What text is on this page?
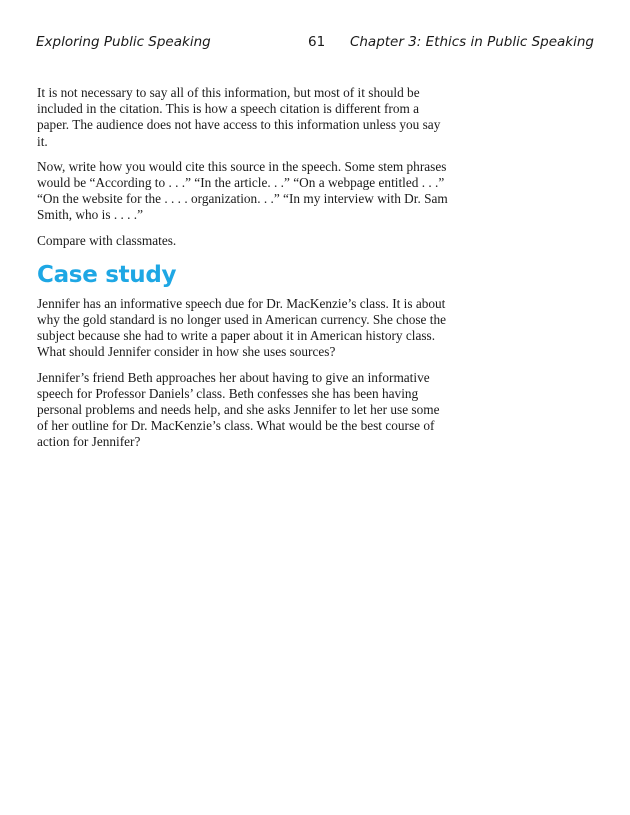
Exploring Public Speaking	61 Chapter 3: Ethics in Public Speaking

It is not necessary to say all of this information, but most of it should be included in the citation. This is how a speech citation is different from a paper. The audience does not have access to this information unless you say it.

Now, write how you would cite this source in the speech. Some stem phrases would be “According to . . .” “In the article. . .” “On a webpage entitled . . .” “On the website for the . . . . organization. . .” “In my interview with Dr. Sam Smith, who is . . . .”

Compare with classmates.

Case study

Jennifer has an informative speech due for Dr. MacKenzie’s class. It is about why the gold standard is no longer used in American currency. She chose the subject because she had to write a paper about it in American history class. What should Jennifer consider in how she uses sources?

Jennifer’s friend Beth approaches her about having to give an informative speech for Professor Daniels’ class. Beth confesses she has been having personal problems and needs help, and she asks Jennifer to let her use some of her outline for Dr. MacKenzie’s class. What would be the best course of action for Jennifer?
